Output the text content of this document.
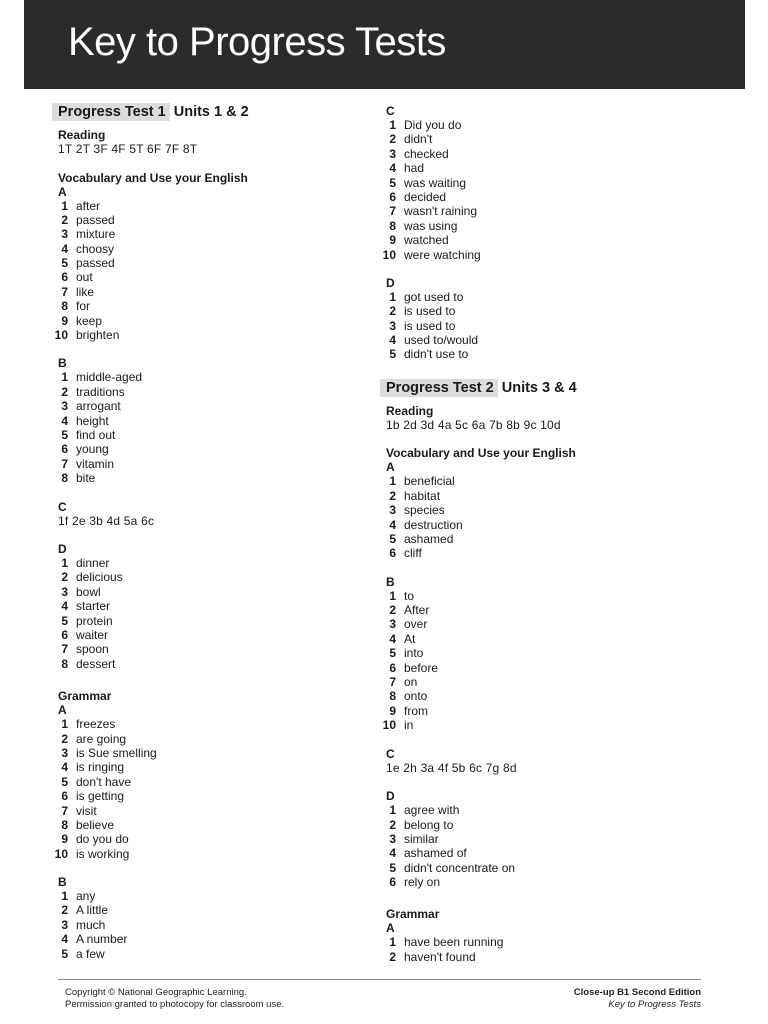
Key to Progress Tests
Progress Test 1 Units 1 & 2
Reading
1T 2T 3F 4F 5T 6F 7F 8T
Vocabulary and Use your English
A
1 after
2 passed
3 mixture
4 choosy
5 passed
6 out
7 like
8 for
9 keep
10 brighten
B
1 middle-aged
2 traditions
3 arrogant
4 height
5 find out
6 young
7 vitamin
8 bite
C
1f 2e 3b 4d 5a 6c
D
1 dinner
2 delicious
3 bowl
4 starter
5 protein
6 waiter
7 spoon
8 dessert
Grammar
A
1 freezes
2 are going
3 is Sue smelling
4 is ringing
5 don't have
6 is getting
7 visit
8 believe
9 do you do
10 is working
B
1 any
2 A little
3 much
4 A number
5 a few
C
1 Did you do
2 didn't
3 checked
4 had
5 was waiting
6 decided
7 wasn't raining
8 was using
9 watched
10 were watching
D
1 got used to
2 is used to
3 is used to
4 used to/would
5 didn't use to
Progress Test 2 Units 3 & 4
Reading
1b 2d 3d 4a 5c 6a 7b 8b 9c 10d
Vocabulary and Use your English
A
1 beneficial
2 habitat
3 species
4 destruction
5 ashamed
6 cliff
B
1 to
2 After
3 over
4 At
5 into
6 before
7 on
8 onto
9 from
10 in
C
1e 2h 3a 4f 5b 6c 7g 8d
D
1 agree with
2 belong to
3 similar
4 ashamed of
5 didn't concentrate on
6 rely on
Grammar
A
1 have been running
2 haven't found
Copyright © National Geographic Learning.
Permission granted to photocopy for classroom use.
Close-up B1 Second Edition
Key to Progress Tests
